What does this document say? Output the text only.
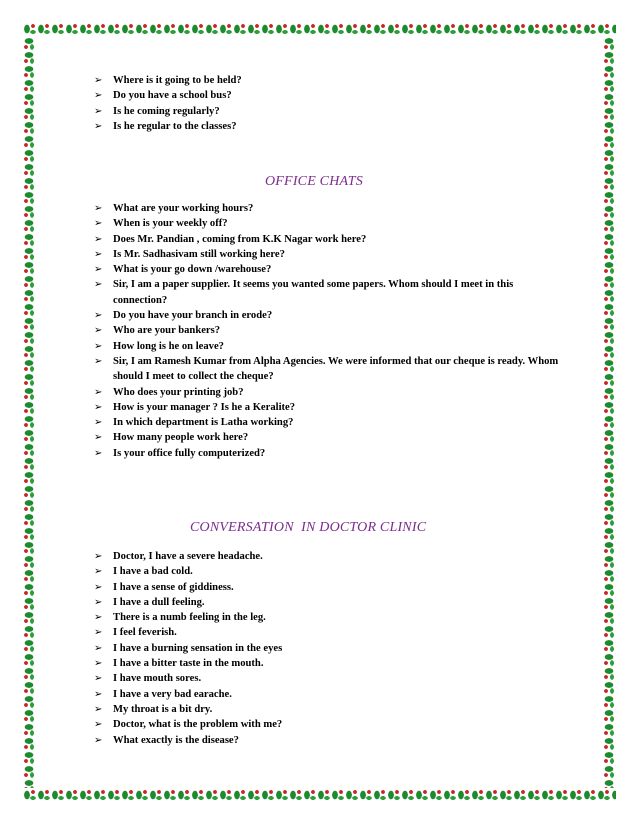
➢	Where is it going to be held?
➢	Do you have a school bus?
➢	Is he coming regularly?
➢	Is he regular to the classes?
OFFICE CHATS
➢	What are your working hours?
➢	When is your weekly off?
➢	Does Mr. Pandian , coming from K.K Nagar work here?
➢	Is Mr. Sadhasivam still working here?
➢	What is your go down /warehouse?
➢	Sir, I am a paper supplier. It seems you wanted some papers. Whom should I meet in this connection?
➢	Do you have your branch in erode?
➢	Who are your bankers?
➢	How long is he on leave?
➢	Sir, I am Ramesh Kumar from Alpha Agencies. We were informed that our cheque is ready. Whom should I meet to collect the cheque?
➢	Who does your printing job?
➢	How is your manager ? Is he a Keralite?
➢	In which department is Latha working?
➢	How many people work here?
➢	Is your office fully computerized?
CONVERSATION  IN DOCTOR CLINIC
➢	Doctor, I have a severe headache.
➢	I have a bad cold.
➢	I have a sense of giddiness.
➢	I have a dull feeling.
➢	There is a numb feeling in the leg.
➢	I feel feverish.
➢	I have a burning sensation in the eyes
➢	I have a bitter taste in the mouth.
➢	I have mouth sores.
➢	I have a very bad earache.
➢	My throat is a bit dry.
➢	Doctor, what is the problem with me?
➢	What exactly is the disease?
